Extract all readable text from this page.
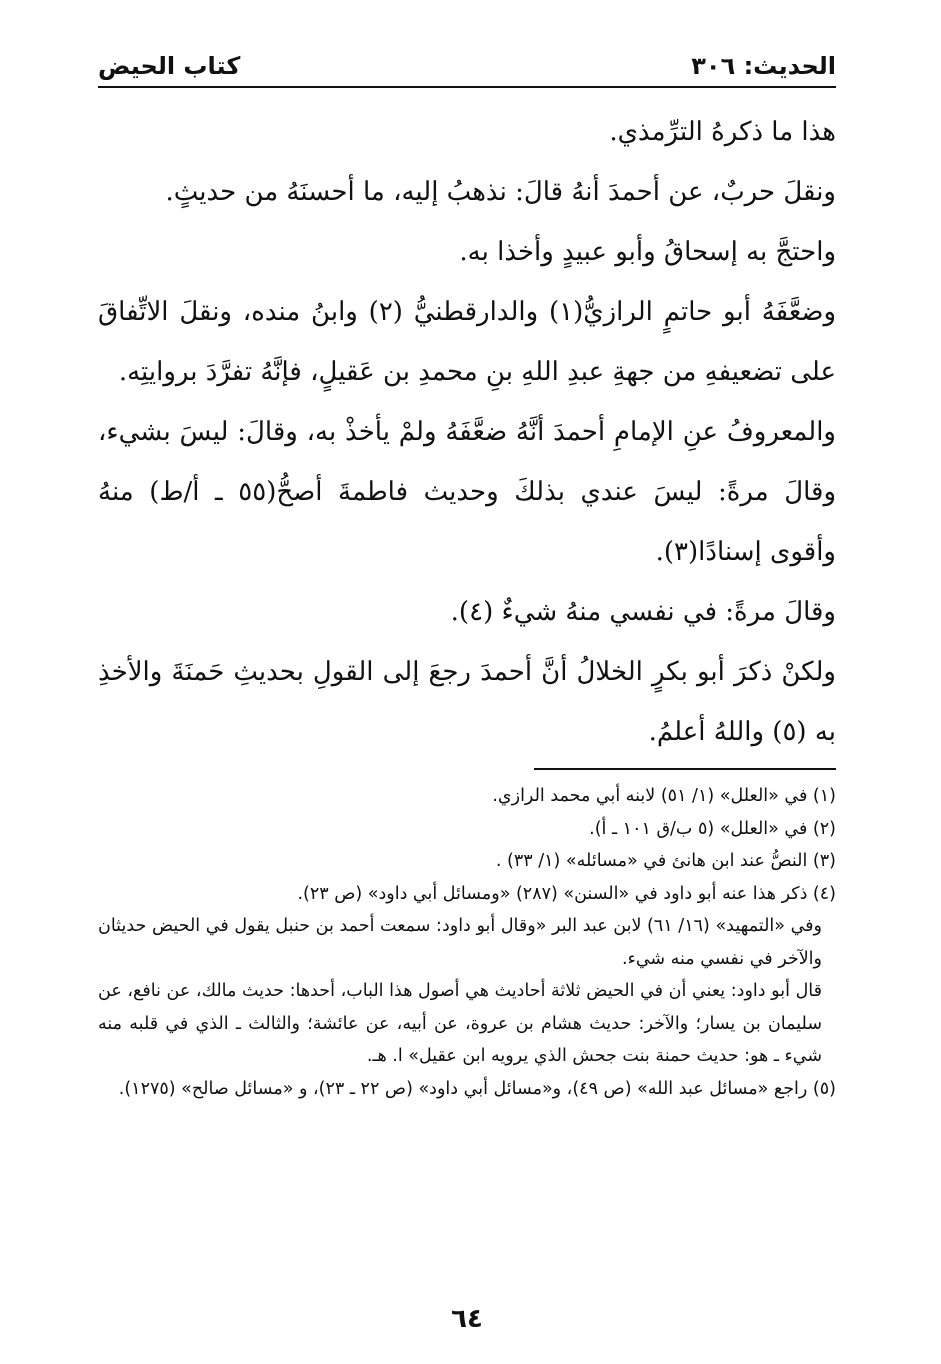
الحديث: ٣٠٦
كتاب الحيض

هذا ما ذكرهُ الترِّمذي.

ونقلَ حربٌ، عن أحمدَ أنهُ قالَ: نذهبُ إليه، ما أحسنَهُ من حديثٍ.

واحتجَّ به إسحاقُ وأبو عبيدٍ وأخذا به.

وضعَّفَهُ أبو حاتمٍ الرازيُّ(١) والدارقطنيُّ (٢) وابنُ منده، ونقلَ الاتِّفاقَ على تضعيفهِ من جهةِ عبدِ اللهِ بنِ محمدِ بن عَقيلٍ، فإنَّهُ تفرَّدَ بروايتِه.

والمعروفُ عنِ الإمامِ أحمدَ أنَّهُ ضعَّفَهُ ولمْ يأخذْ به، وقالَ: ليسَ بشيء، وقالَ مرةً: ليسَ عندي بذلكَ وحديث فاطمةَ أصحُّ(٥٥ ـ أ/ط) منهُ وأقوى إسنادًا(٣).

وقالَ مرةً: في نفسي منهُ شيءٌ (٤).

ولكنْ ذكرَ أبو بكرٍ الخلالُ أنَّ أحمدَ رجعَ إلى القولِ بحديثِ حَمنَةَ والأخذِ به (٥) واللهُ أعلمُ.

(١) في «العلل» (١/ ٥١) لابنه أبي محمد الرازي.

(٢) في «العلل» (٥ ب/ق ١٠١ ـ أ).

(٣) النصُّ عند ابن هانئ في «مسائله» (١/ ٣٣) .

(٤) ذكر هذا عنه أبو داود في «السنن» (٢٨٧) «ومسائل أبي داود» (ص ٢٣).

وفي «التمهيد» (١٦/ ٦١) لابن عبد البر «وقال أبو داود: سمعت أحمد بن حنبل يقول في الحيض حديثان والآخر في نفسي منه شيء.

قال أبو داود: يعني أن في الحيض ثلاثة أحاديث هي أصول هذا الباب، أحدها: حديث مالك، عن نافع، عن سليمان بن يسار؛ والآخر: حديث هشام بن عروة، عن أبيه، عن عائشة؛ والثالث ـ الذي في قلبه منه شيء ـ هو: حديث حمنة بنت جحش الذي يرويه ابن عقيل» ا. هـ.

(٥) راجع «مسائل عبد الله» (ص ٤٩)، و«مسائل أبي داود» (ص ٢٢ ـ ٢٣)، و «مسائل صالح» (١٢٧٥).

٦٤
